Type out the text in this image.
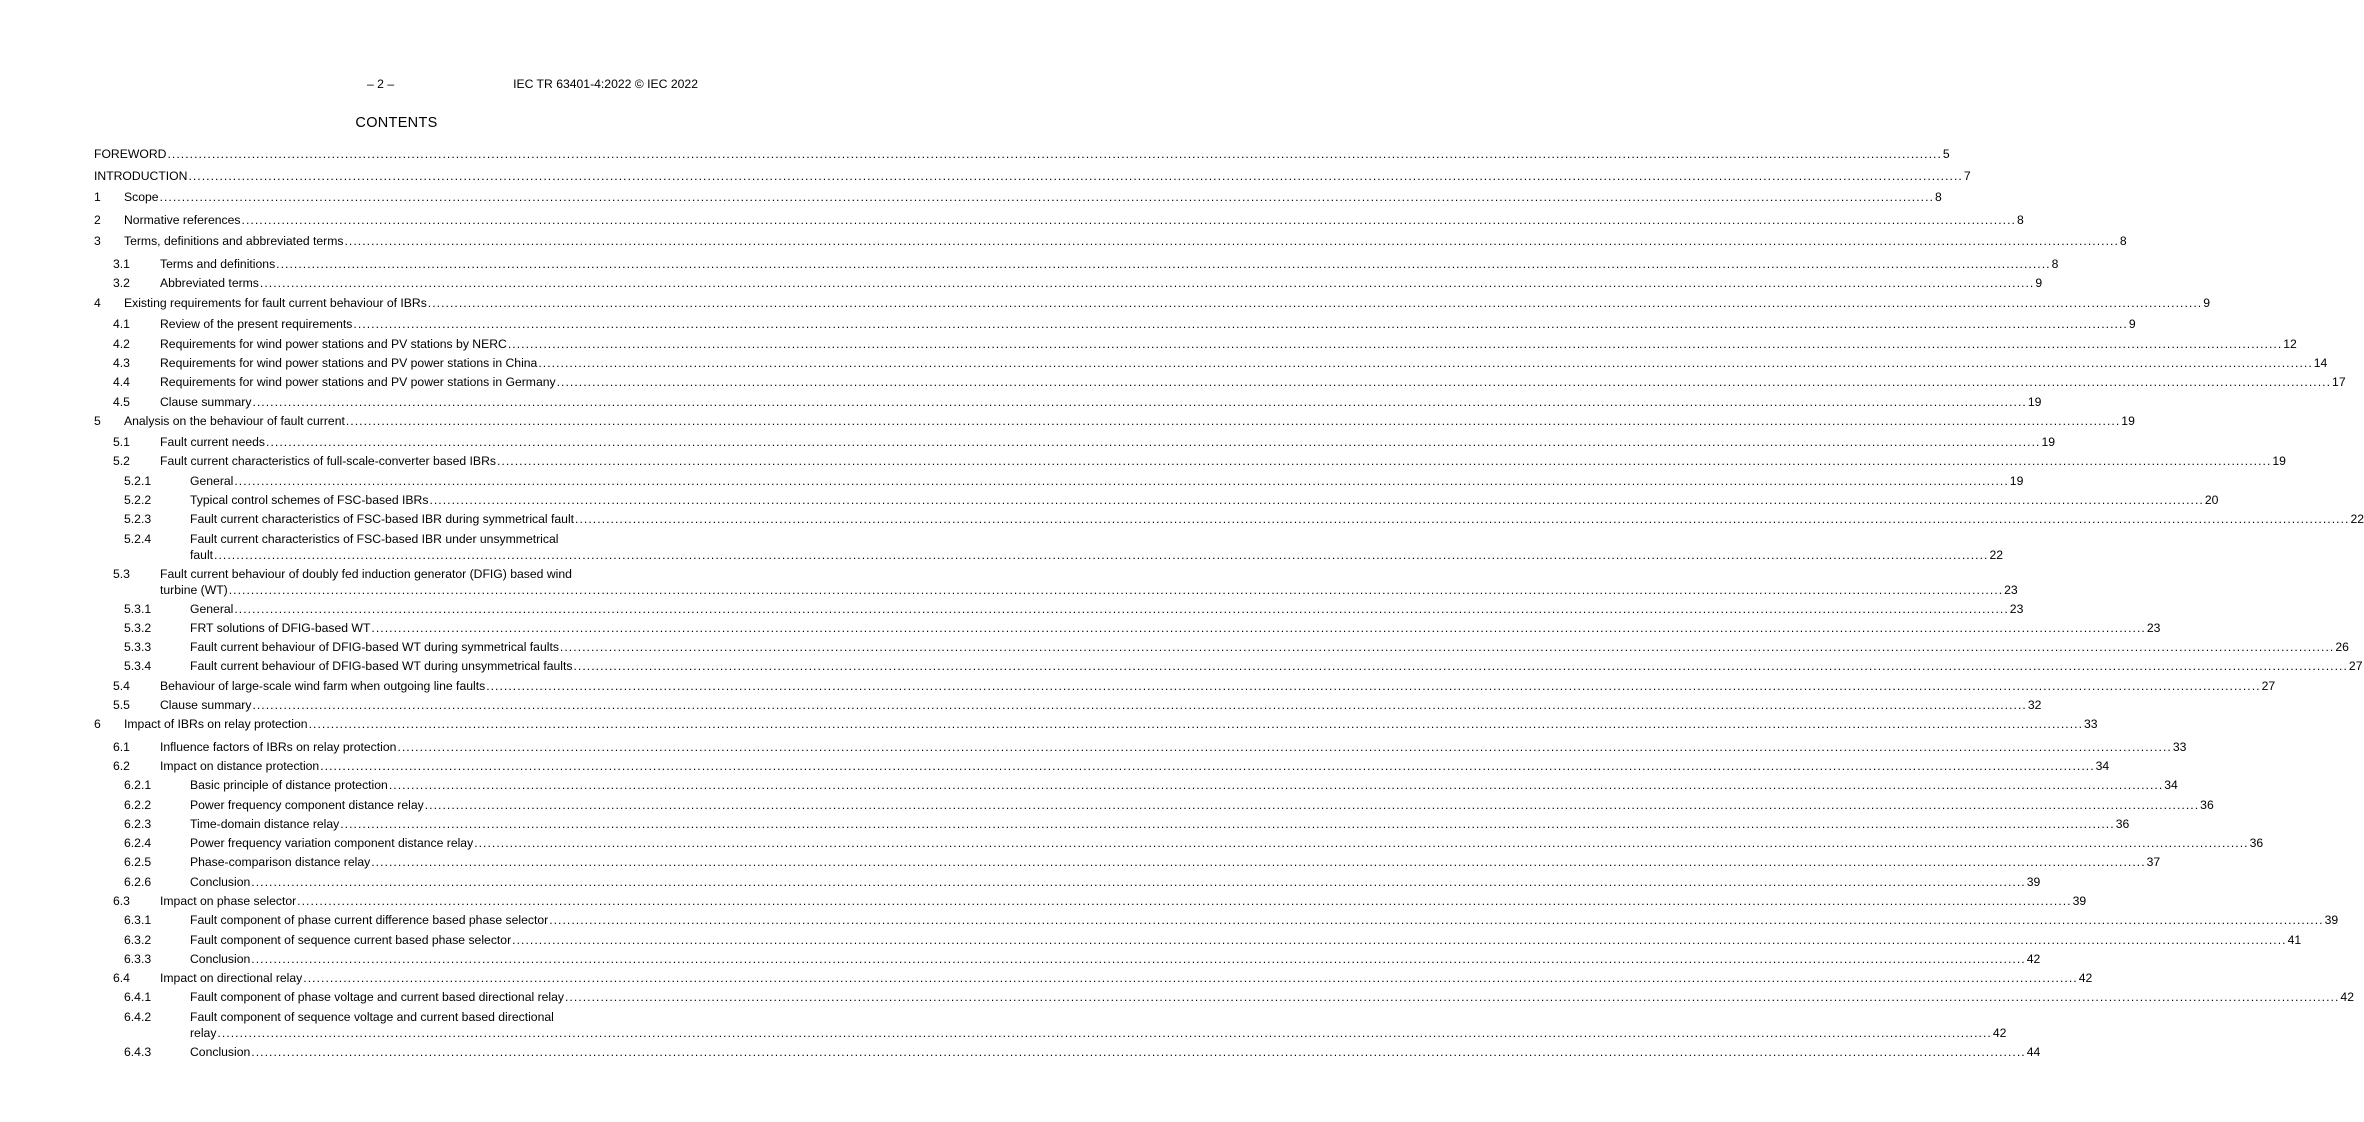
– 2 –	IEC TR 63401-4:2022 © IEC 2022
CONTENTS
FOREWORD ................................................................................................................................................................................................................................................................................................................................................................................................................ 5
INTRODUCTION ................................................................................................................................................................................................................................................................................................................................................................................................................ 7
1 Scope ................................................................................................................................................................................................................................................................................................................................................................................................................ 8
2 Normative references ................................................................................................................................................................................................................................................................................................................................................................................................................ 8
3 Terms, definitions and abbreviated terms ................................................................................................................................................................................................................................................................................................................................................................................................................ 8
3.1 Terms and definitions ................................................................................................................................................................................................................................................................................................................................................................................................................ 8
3.2 Abbreviated terms ................................................................................................................................................................................................................................................................................................................................................................................................................ 9
4 Existing requirements for fault current behaviour of IBRs ................................................................................................................................................................................................................................................................................................................................................................................................................ 9
4.1 Review of the present requirements ................................................................................................................................................................................................................................................................................................................................................................................................................ 9
4.2 Requirements for wind power stations and PV stations by NERC ................................................................................................................................................................................................................................................................................................................................................................................................................ 12
4.3 Requirements for wind power stations and PV power stations in China ................................................................................................................................................................................................................................................................................................................................................................................................................ 14
4.4 Requirements for wind power stations and PV power stations in Germany ................................................................................................................................................................................................................................................................................................................................................................................................................ 17
4.5 Clause summary ................................................................................................................................................................................................................................................................................................................................................................................................................ 19
5 Analysis on the behaviour of fault current ................................................................................................................................................................................................................................................................................................................................................................................................................ 19
5.1 Fault current needs ................................................................................................................................................................................................................................................................................................................................................................................................................ 19
5.2 Fault current characteristics of full-scale-converter based IBRs ................................................................................................................................................................................................................................................................................................................................................................................................................ 19
5.2.1	General ................................................................................................................................................................................................................................................................................................................................................................................................................ 19
5.2.2	Typical control schemes of FSC-based IBRs ................................................................................................................................................................................................................................................................................................................................................................................................................ 20
5.2.3	Fault current characteristics of FSC-based IBR during symmetrical fault ................................................................................................................................................................................................................................................................................................................................................................................................................ 22
5.2.4	Fault current characteristics of FSC-based IBR under unsymmetrical
fault ................................................................................................................................................................................................................................................................................................................................................................................................................ 22
5.3 Fault current behaviour of doubly fed induction generator (DFIG) based wind
turbine (WT) ................................................................................................................................................................................................................................................................................................................................................................................................................ 23
5.3.1	General ................................................................................................................................................................................................................................................................................................................................................................................................................ 23
5.3.2	FRT solutions of DFIG-based WT ................................................................................................................................................................................................................................................................................................................................................................................................................ 23
5.3.3	Fault current behaviour of DFIG-based WT during symmetrical faults ................................................................................................................................................................................................................................................................................................................................................................................................................ 26
5.3.4	Fault current behaviour of DFIG-based WT during unsymmetrical faults ................................................................................................................................................................................................................................................................................................................................................................................................................ 27
5.4 Behaviour of large-scale wind farm when outgoing line faults ................................................................................................................................................................................................................................................................................................................................................................................................................ 27
5.5 Clause summary ................................................................................................................................................................................................................................................................................................................................................................................................................ 32
6 Impact of IBRs on relay protection ................................................................................................................................................................................................................................................................................................................................................................................................................ 33
6.1 Influence factors of IBRs on relay protection ................................................................................................................................................................................................................................................................................................................................................................................................................ 33
6.2 Impact on distance protection ................................................................................................................................................................................................................................................................................................................................................................................................................ 34
6.2.1	Basic principle of distance protection ................................................................................................................................................................................................................................................................................................................................................................................................................ 34
6.2.2	Power frequency component distance relay ................................................................................................................................................................................................................................................................................................................................................................................................................ 36
6.2.3	Time-domain distance relay ................................................................................................................................................................................................................................................................................................................................................................................................................ 36
6.2.4	Power frequency variation component distance relay ................................................................................................................................................................................................................................................................................................................................................................................................................ 36
6.2.5	Phase-comparison distance relay ................................................................................................................................................................................................................................................................................................................................................................................................................ 37
6.2.6	Conclusion ................................................................................................................................................................................................................................................................................................................................................................................................................ 39
6.3 Impact on phase selector ................................................................................................................................................................................................................................................................................................................................................................................................................ 39
6.3.1	Fault component of phase current difference based phase selector ................................................................................................................................................................................................................................................................................................................................................................................................................ 39
6.3.2	Fault component of sequence current based phase selector ................................................................................................................................................................................................................................................................................................................................................................................................................ 41
6.3.3	Conclusion ................................................................................................................................................................................................................................................................................................................................................................................................................ 42
6.4 Impact on directional relay ................................................................................................................................................................................................................................................................................................................................................................................................................ 42
6.4.1	Fault component of phase voltage and current based directional relay ................................................................................................................................................................................................................................................................................................................................................................................................................ 42
6.4.2	Fault component of sequence voltage and current based directional
relay ................................................................................................................................................................................................................................................................................................................................................................................................................ 42
6.4.3	Conclusion ................................................................................................................................................................................................................................................................................................................................................................................................................ 44
